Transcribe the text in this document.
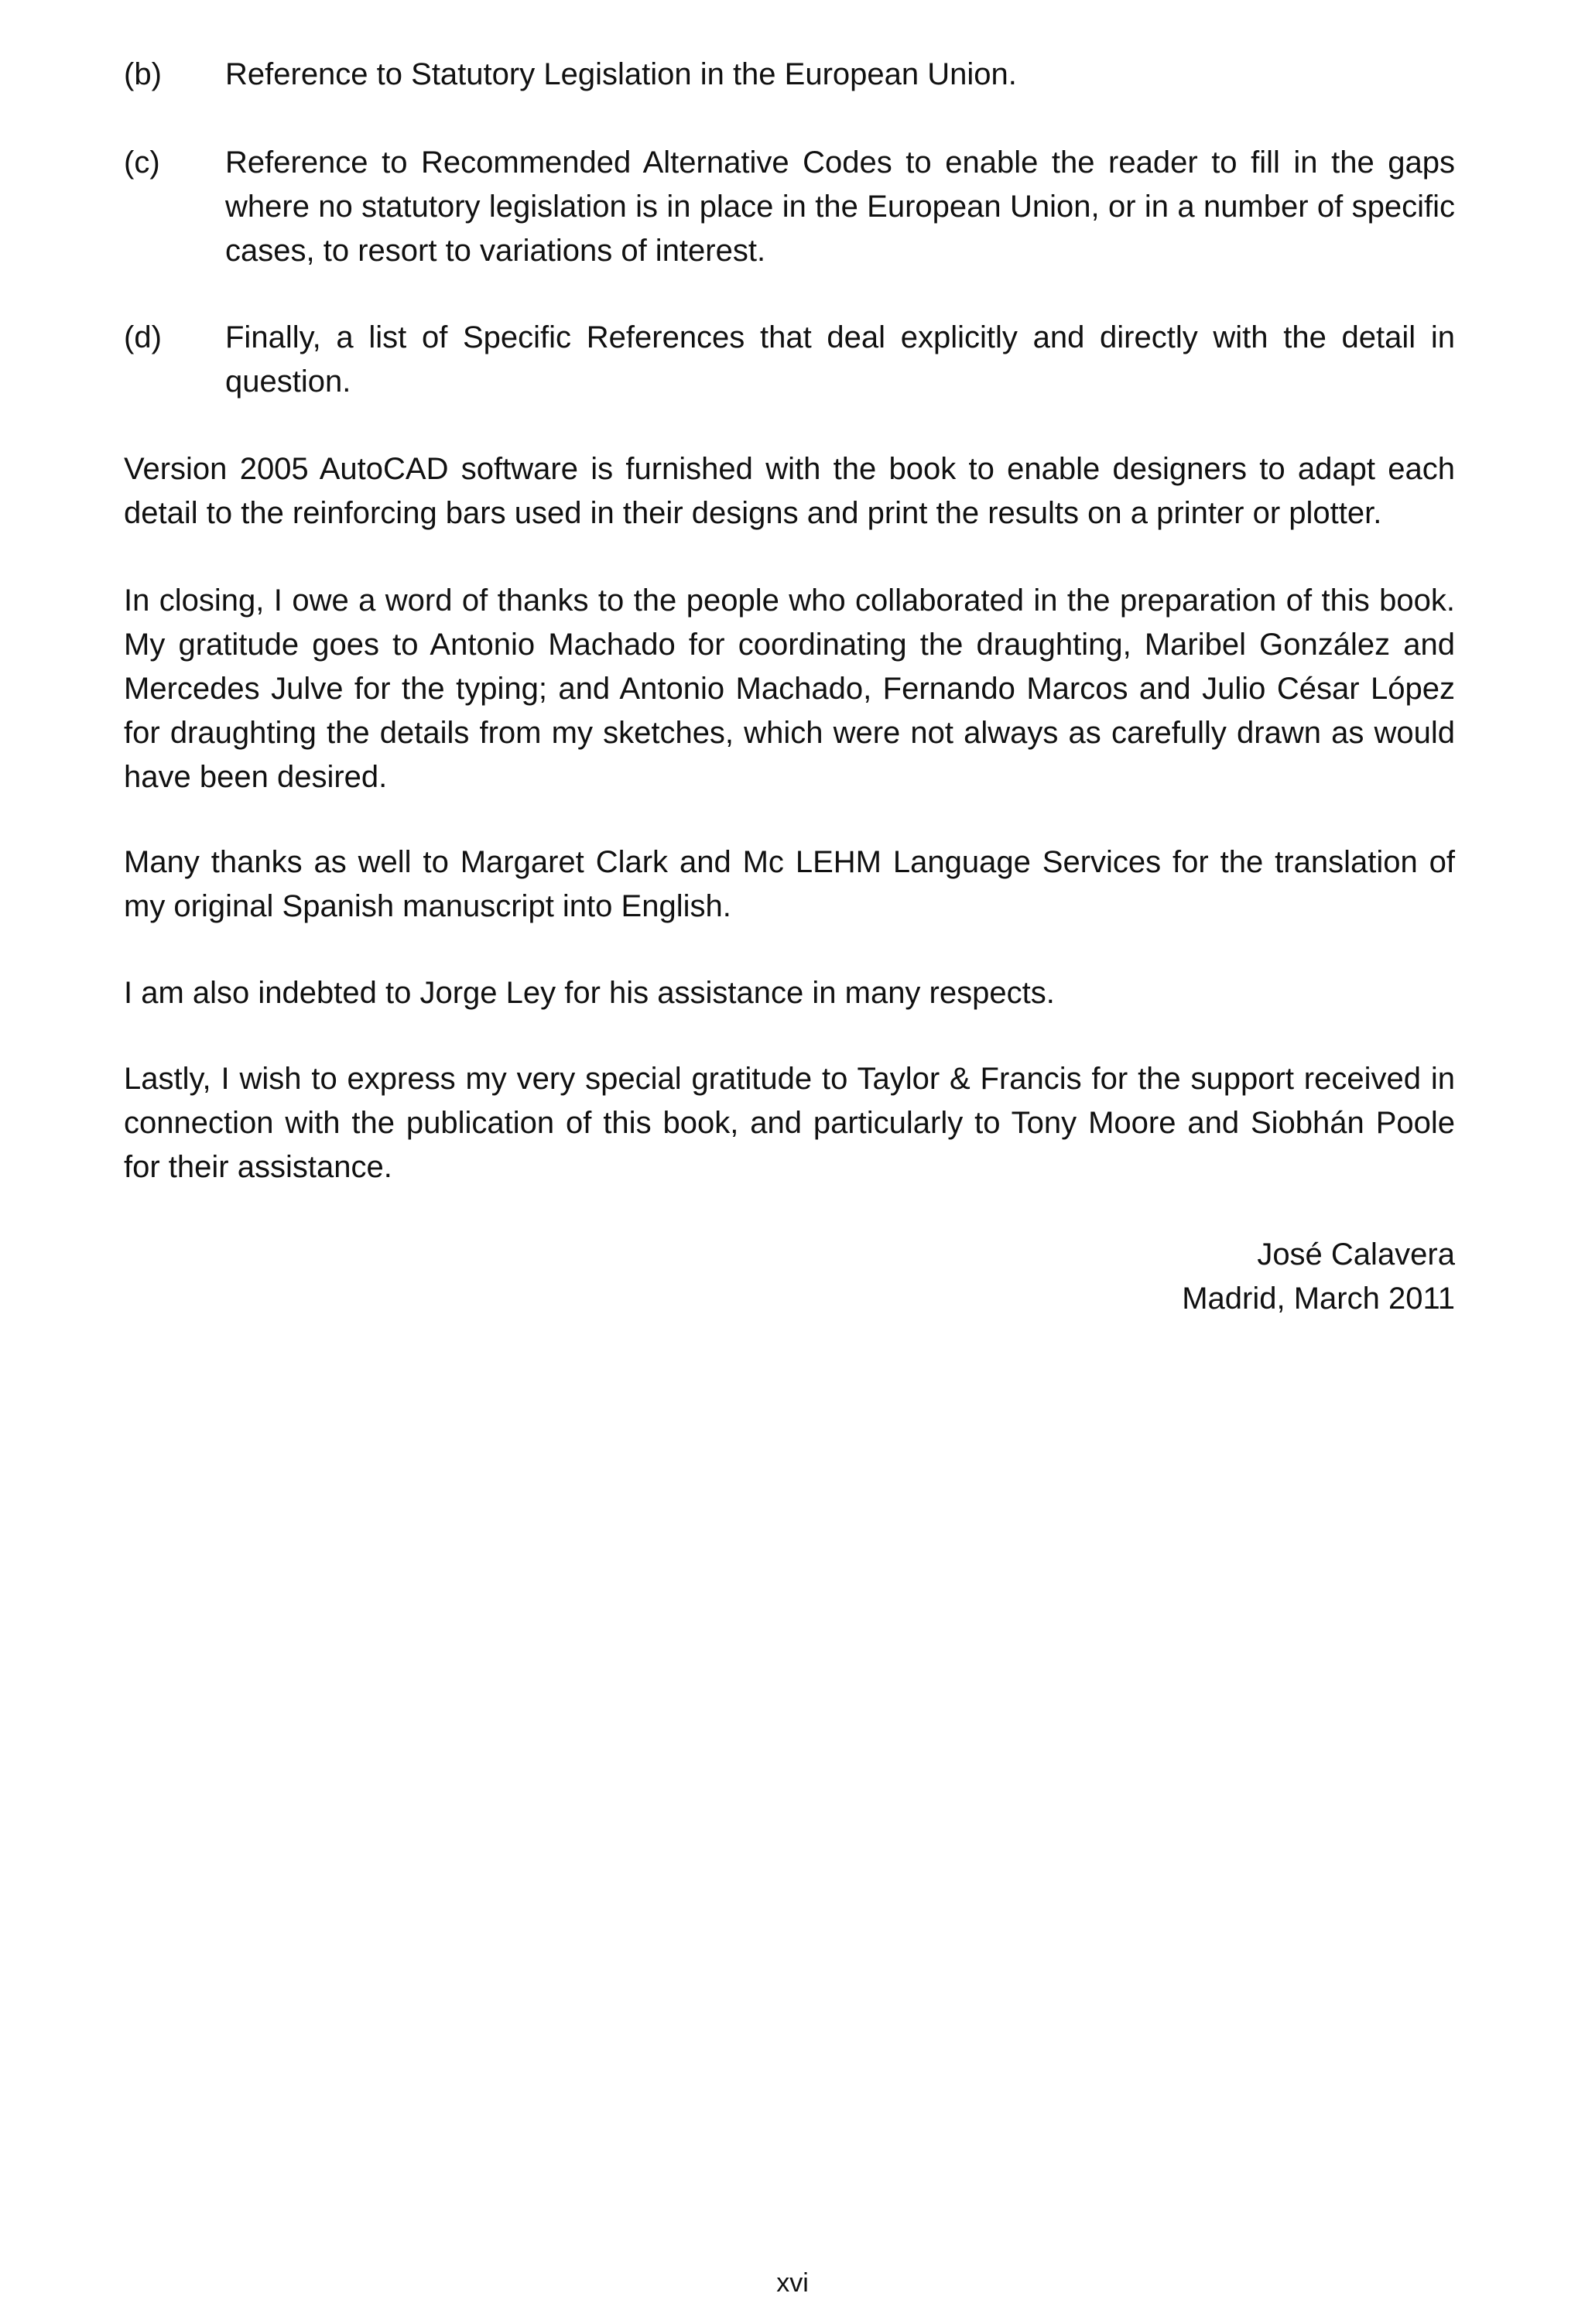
(b)	Reference to Statutory Legislation in the European Union.
(c)	Reference to Recommended Alternative Codes to enable the reader to fill in the gaps where no statutory legislation is in place in the European Union, or in a number of specific cases, to resort to variations of interest.
(d)	Finally, a list of Specific References that deal explicitly and directly with the detail in question.

Version 2005 AutoCAD software is furnished with the book to enable designers to adapt each detail to the reinforcing bars used in their designs and print the results on a printer or plotter.

In closing, I owe a word of thanks to the people who collaborated in the preparation of this book. My gratitude goes to Antonio Machado for coordinating the draughting, Maribel González and Mercedes Julve for the typing; and Antonio Machado, Fernando Marcos and Julio César López for draughting the details from my sketches, which were not always as carefully drawn as would have been desired.

Many thanks as well to Margaret Clark and Mc LEHM Language Services for the translation of my original Spanish manuscript into English.

I am also indebted to Jorge Ley for his assistance in many respects.

Lastly, I wish to express my very special gratitude to Taylor & Francis for the support received in connection with the publication of this book, and particularly to Tony Moore and Siobhán Poole for their assistance.

José Calavera
Madrid, March 2011
xvi
